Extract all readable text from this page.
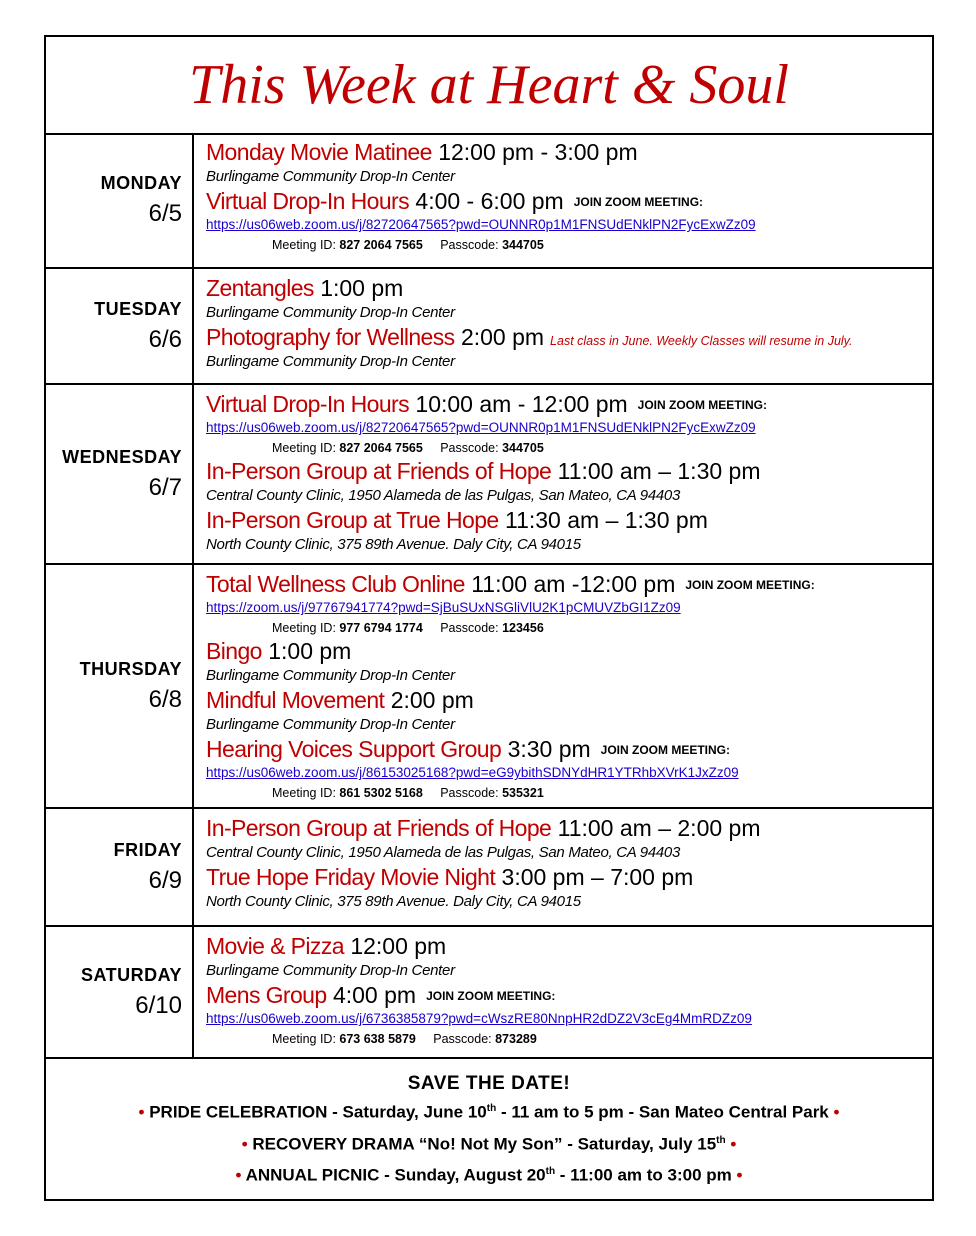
This Week at Heart & Soul
MONDAY
6/5
Monday Movie Matinee 12:00 pm - 3:00 pm
Burlingame Community Drop-In Center
Virtual Drop-In Hours 4:00 - 6:00 pm JOIN ZOOM MEETING:
https://us06web.zoom.us/j/82720647565?pwd=OUNNR0p1M1FNSUdENklPN2FycExwZz09
Meeting ID: 827 2064 7565 Passcode: 344705
TUESDAY
6/6
Zentangles 1:00 pm
Burlingame Community Drop-In Center
Photography for Wellness 2:00 pm Last class in June. Weekly Classes will resume in July.
Burlingame Community Drop-In Center
WEDNESDAY
6/7
Virtual Drop-In Hours 10:00 am - 12:00 pm JOIN ZOOM MEETING:
https://us06web.zoom.us/j/82720647565?pwd=OUNNR0p1M1FNSUdENklPN2FycExwZz09
Meeting ID: 827 2064 7565 Passcode: 344705
In-Person Group at Friends of Hope 11:00 am – 1:30 pm
Central County Clinic, 1950 Alameda de las Pulgas, San Mateo, CA 94403
In-Person Group at True Hope 11:30 am – 1:30 pm
North County Clinic, 375 89th Avenue. Daly City, CA 94015
THURSDAY
6/8
Total Wellness Club Online 11:00 am -12:00 pm JOIN ZOOM MEETING:
https://zoom.us/j/97767941774?pwd=SjBuSUxNSGliVlU2K1pCMUVZbGI1Zz09
Meeting ID: 977 6794 1774 Passcode: 123456
Bingo 1:00 pm
Burlingame Community Drop-In Center
Mindful Movement 2:00 pm
Burlingame Community Drop-In Center
Hearing Voices Support Group 3:30 pm JOIN ZOOM MEETING:
https://us06web.zoom.us/j/86153025168?pwd=eG9ybithSDNYdHR1YTRhbXVrK1JxZz09
Meeting ID: 861 5302 5168 Passcode: 535321
FRIDAY
6/9
In-Person Group at Friends of Hope 11:00 am – 2:00 pm
Central County Clinic, 1950 Alameda de las Pulgas, San Mateo, CA 94403
True Hope Friday Movie Night 3:00 pm – 7:00 pm
North County Clinic, 375 89th Avenue. Daly City, CA 94015
SATURDAY
6/10
Movie & Pizza 12:00 pm
Burlingame Community Drop-In Center
Mens Group 4:00 pm JOIN ZOOM MEETING:
https://us06web.zoom.us/j/6736385879?pwd=cWszRE80NnpHR2dDZ2V3cEg4MmRDZz09
Meeting ID: 673 638 5879 Passcode: 873289
SAVE THE DATE!
• PRIDE CELEBRATION - Saturday, June 10th - 11 am to 5 pm - San Mateo Central Park •
• RECOVERY DRAMA “No! Not My Son” - Saturday, July 15th •
• ANNUAL PICNIC - Sunday, August 20th - 11:00 am to 3:00 pm •
